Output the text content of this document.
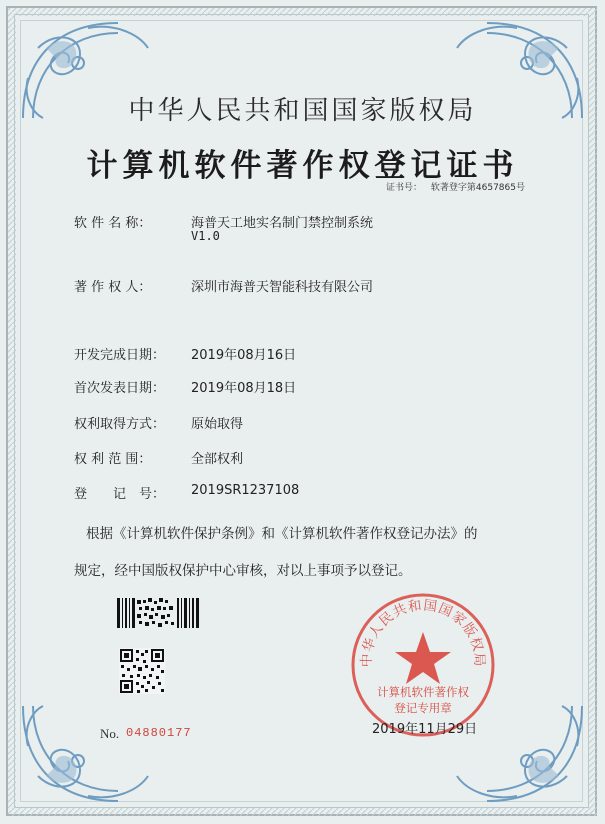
中华人民共和国国家版权局
计算机软件著作权登记证书
证书号： 软著登字第4657865号
软 件 名 称：	海普天工地实名制门禁控制系统
V1.0
著 作 权 人：	深圳市海普天智能科技有限公司
开发完成日期： 2019年08月16日
首次发表日期： 2019年08月18日
权利取得方式： 原始取得
权 利 范 围：	全部权利
登　　记　号： 2019SR1237108
根据《计算机软件保护条例》和《计算机软件著作权登记办法》的
规定，经中国版权保护中心审核，对以上事项予以登记。
中华人民共和国国家版权局
计算机软件著作权
登记专用章
No. 04880177	2019年11月29日
